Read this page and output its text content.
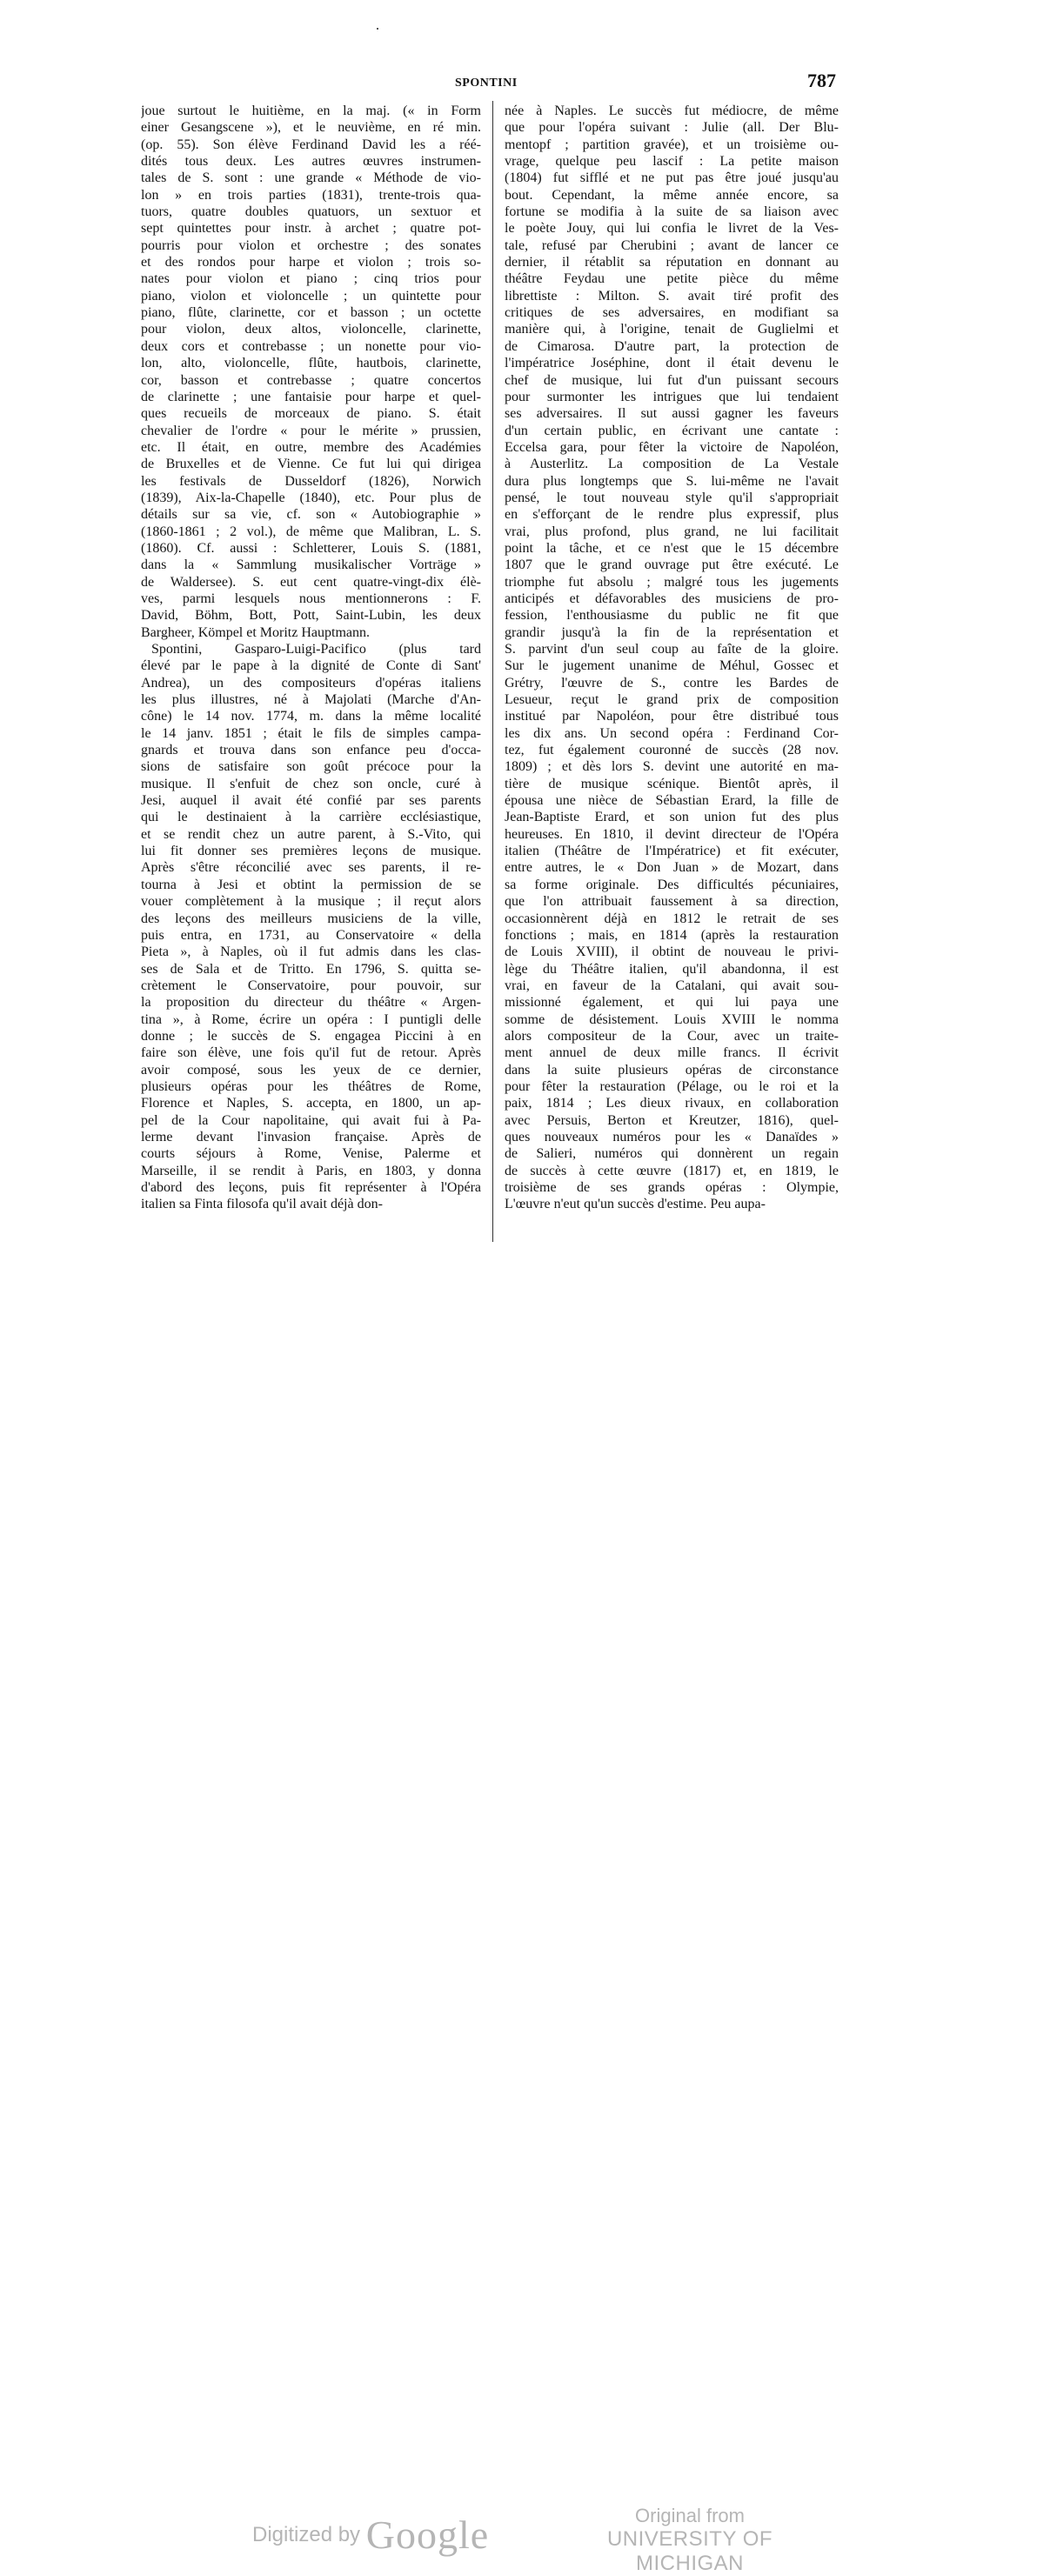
SPONTINI	787
joue surtout le huitième, en la maj. (« in Form
einer Gesangscene »), et le neuvième, en ré min.
(op. 55). Son élève Ferdinand David les a réé-
dités tous deux. Les autres œuvres instrumen-
tales de S. sont : une grande « Méthode de vio-
lon » en trois parties (1831), trente-trois qua-
tuors, quatre doubles quatuors, un sextuor et
sept quintettes pour instr. à archet ; quatre pot-
pourris pour violon et orchestre ; des sonates
et des rondos pour harpe et violon ; trois so-
nates pour violon et piano ; cinq trios pour
piano, violon et violoncelle ; un quintette pour
piano, flûte, clarinette, cor et basson ; un octette
pour violon, deux altos, violoncelle, clarinette,
deux cors et contrebasse ; un nonette pour vio-
lon, alto, violoncelle, flûte, hautbois, clarinette,
cor, basson et contrebasse ; quatre concertos
de clarinette ; une fantaisie pour harpe et quel-
ques recueils de morceaux de piano. S. était
chevalier de l'ordre « pour le mérite » prussien,
etc. Il était, en outre, membre des Académies
de Bruxelles et de Vienne. Ce fut lui qui dirigea
les festivals de Dusseldorf (1826), Norwich
(1839), Aix-la-Chapelle (1840), etc. Pour plus de
détails sur sa vie, cf. son « Autobiographie »
(1860-1861 ; 2 vol.), de même que Malibran, L. S.
(1860). Cf. aussi : Schletterer, Louis S. (1881,
dans la « Sammlung musikalischer Vorträge »
de Waldersee). S. eut cent quatre-vingt-dix élè-
ves, parmi lesquels nous mentionnerons : F.
David, Böhm, Bott, Pott, Saint-Lubin, les deux
Bargheer, Kömpel et Moritz Hauptmann.
Spontini, Gasparo-Luigi-Pacifico (plus tard
élevé par le pape à la dignité de Conte di Sant'
Andrea), un des compositeurs d'opéras italiens
les plus illustres, né à Majolati (Marche d'An-
cône) le 14 nov. 1774, m. dans la même localité
le 14 janv. 1851 ; était le fils de simples campa-
gnards et trouva dans son enfance peu d'occa-
sions de satisfaire son goût précoce pour la
musique. Il s'enfuit de chez son oncle, curé à
Jesi, auquel il avait été confié par ses parents
qui le destinaient à la carrière ecclésiastique,
et se rendit chez un autre parent, à S.-Vito, qui
lui fit donner ses premières leçons de musique.
Après s'être réconcilié avec ses parents, il re-
tourna à Jesi et obtint la permission de se
vouer complètement à la musique ; il reçut alors
des leçons des meilleurs musiciens de la ville,
puis entra, en 1731, au Conservatoire « della
Pieta », à Naples, où il fut admis dans les clas-
ses de Sala et de Tritto. En 1796, S. quitta se-
crètement le Conservatoire, pour pouvoir, sur
la proposition du directeur du théâtre « Argen-
tina », à Rome, écrire un opéra : I puntigli delle
donne ; le succès de S. engagea Piccini à en
faire son élève, une fois qu'il fut de retour. Après
avoir composé, sous les yeux de ce dernier,
plusieurs opéras pour les théâtres de Rome,
Florence et Naples, S. accepta, en 1800, un ap-
pel de la Cour napolitaine, qui avait fui à Pa-
lerme devant l'invasion française. Après de
courts séjours à Rome, Venise, Palerme et
Marseille, il se rendit à Paris, en 1803, y donna
d'abord des leçons, puis fit représenter à l'Opéra
italien sa Finta filosofa qu'il avait déjà don-
née à Naples. Le succès fut médiocre, de même
que pour l'opéra suivant : Julie (all. Der Blu-
mentopf ; partition gravée), et un troisième ou-
vrage, quelque peu lascif : La petite maison
(1804) fut sifflé et ne put pas être joué jusqu'au
bout. Cependant, la même année encore, sa
fortune se modifia à la suite de sa liaison avec
le poète Jouy, qui lui confia le livret de la Ves-
tale, refusé par Cherubini ; avant de lancer ce
dernier, il rétablit sa réputation en donnant au
théâtre Feydau une petite pièce du même
librettiste : Milton. S. avait tiré profit des
critiques de ses adversaires, en modifiant sa
manière qui, à l'origine, tenait de Guglielmi et
de Cimarosa. D'autre part, la protection de
l'impératrice Joséphine, dont il était devenu le
chef de musique, lui fut d'un puissant secours
pour surmonter les intrigues que lui tendaient
ses adversaires. Il sut aussi gagner les faveurs
d'un certain public, en écrivant une cantate :
Eccelsa gara, pour fêter la victoire de Napoléon,
à Austerlitz. La composition de La Vestale
dura plus longtemps que S. lui-même ne l'avait
pensé, le tout nouveau style qu'il s'appropriait
en s'efforçant de le rendre plus expressif, plus
vrai, plus profond, plus grand, ne lui facilitait
point la tâche, et ce n'est que le 15 décembre
1807 que le grand ouvrage put être exécuté. Le
triomphe fut absolu ; malgré tous les jugements
anticipés et défavorables des musiciens de pro-
fession, l'enthousiasme du public ne fit que
grandir jusqu'à la fin de la représentation et
S. parvint d'un seul coup au faîte de la gloire.
Sur le jugement unanime de Méhul, Gossec et
Grétry, l'œuvre de S., contre les Bardes de
Lesueur, reçut le grand prix de composition
institué par Napoléon, pour être distribué tous
les dix ans. Un second opéra : Ferdinand Cor-
tez, fut également couronné de succès (28 nov.
1809) ; et dès lors S. devint une autorité en ma-
tière de musique scénique. Bientôt après, il
épousa une nièce de Sébastian Erard, la fille de
Jean-Baptiste Erard, et son union fut des plus
heureuses. En 1810, il devint directeur de l'Opéra
italien (Théâtre de l'Impératrice) et fit exécuter,
entre autres, le « Don Juan » de Mozart, dans
sa forme originale. Des difficultés pécuniaires,
que l'on attribuait faussement à sa direction,
occasionnèrent déjà en 1812 le retrait de ses
fonctions ; mais, en 1814 (après la restauration
de Louis XVIII), il obtint de nouveau le privi-
lège du Théâtre italien, qu'il abandonna, il est
vrai, en faveur de la Catalani, qui avait sou-
missionné également, et qui lui paya une
somme de désistement. Louis XVIII le nomma
alors compositeur de la Cour, avec un traite-
ment annuel de deux mille francs. Il écrivit
dans la suite plusieurs opéras de circonstance
pour fêter la restauration (Pélage, ou le roi et la
paix, 1814 ; Les dieux rivaux, en collaboration
avec Persuis, Berton et Kreutzer, 1816), quel-
ques nouveaux numéros pour les « Danaïdes »
de Salieri, numéros qui donnèrent un regain
de succès à cette œuvre (1817) et, en 1819, le
troisième de ses grands opéras : Olympie,
L'œuvre n'eut qu'un succès d'estime. Peu aupa-
Digitized by Google	Original from
UNIVERSITY OF MICHIGAN
